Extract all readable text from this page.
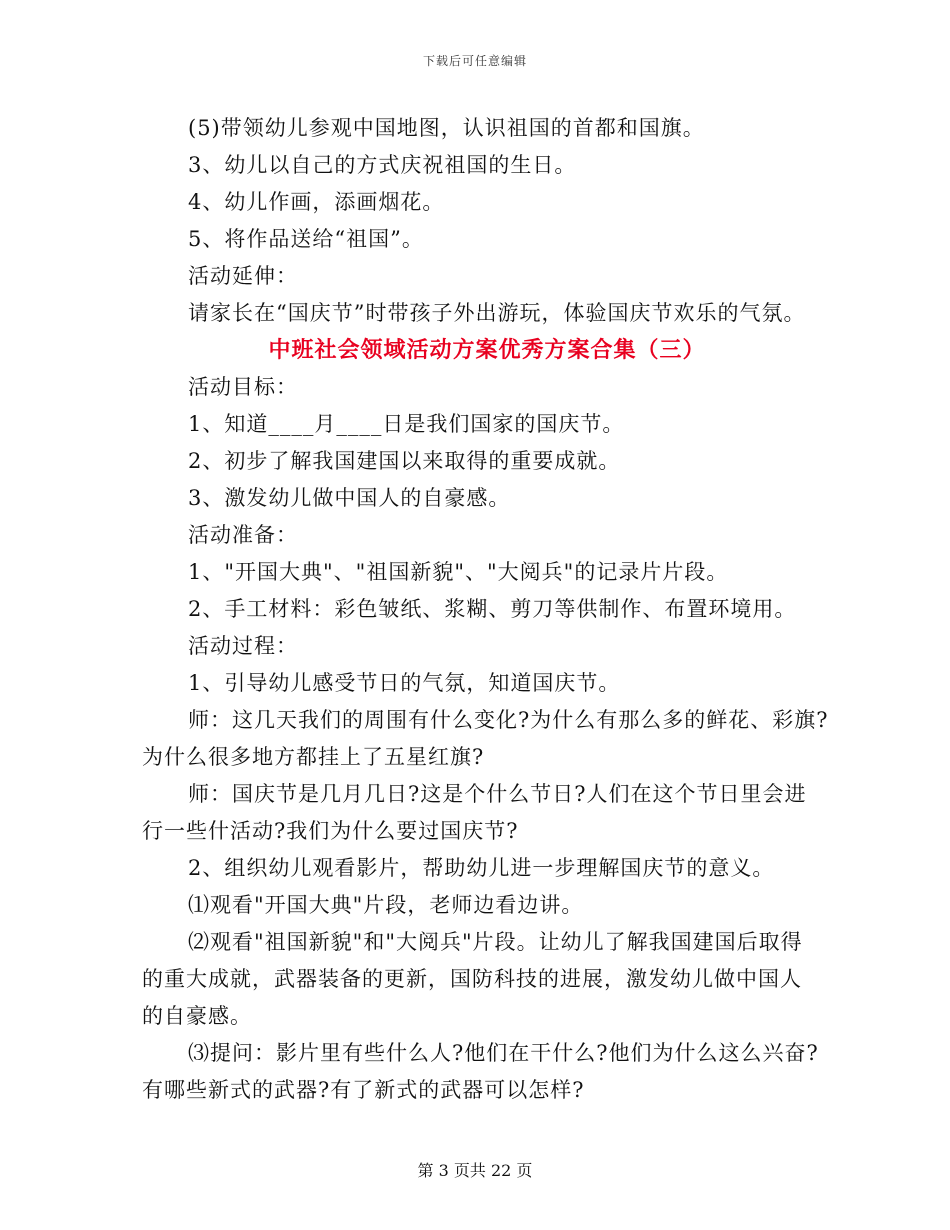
下载后可任意编辑
(5)带领幼儿参观中国地图，认识祖国的首都和国旗。
3、幼儿以自己的方式庆祝祖国的生日。
4、幼儿作画，添画烟花。
5、将作品送给“祖国”。
活动延伸：
请家长在“国庆节”时带孩子外出游玩，体验国庆节欢乐的气氛。
中班社会领域活动方案优秀方案合集（三）
活动目标：
1、知道____月____日是我们国家的国庆节。
2、初步了解我国建国以来取得的重要成就。
3、激发幼儿做中国人的自豪感。
活动准备：
1、"开国大典"、"祖国新貌"、"大阅兵"的记录片片段。
2、手工材料：彩色皱纸、浆糊、剪刀等供制作、布置环境用。
活动过程：
1、引导幼儿感受节日的气氛，知道国庆节。
师：这几天我们的周围有什么变化?为什么有那么多的鲜花、彩旗?
为什么很多地方都挂上了五星红旗?
师：国庆节是几月几日?这是个什么节日?人们在这个节日里会进
行一些什活动?我们为什么要过国庆节?
2、组织幼儿观看影片，帮助幼儿进一步理解国庆节的意义。
⑴观看"开国大典"片段，老师边看边讲。
⑵观看"祖国新貌"和"大阅兵"片段。让幼儿了解我国建国后取得
的重大成就，武器装备的更新，国防科技的进展，激发幼儿做中国人
的自豪感。
⑶提问：影片里有些什么人?他们在干什么?他们为什么这么兴奋?
有哪些新式的武器?有了新式的武器可以怎样?
第 3 页共 22 页
